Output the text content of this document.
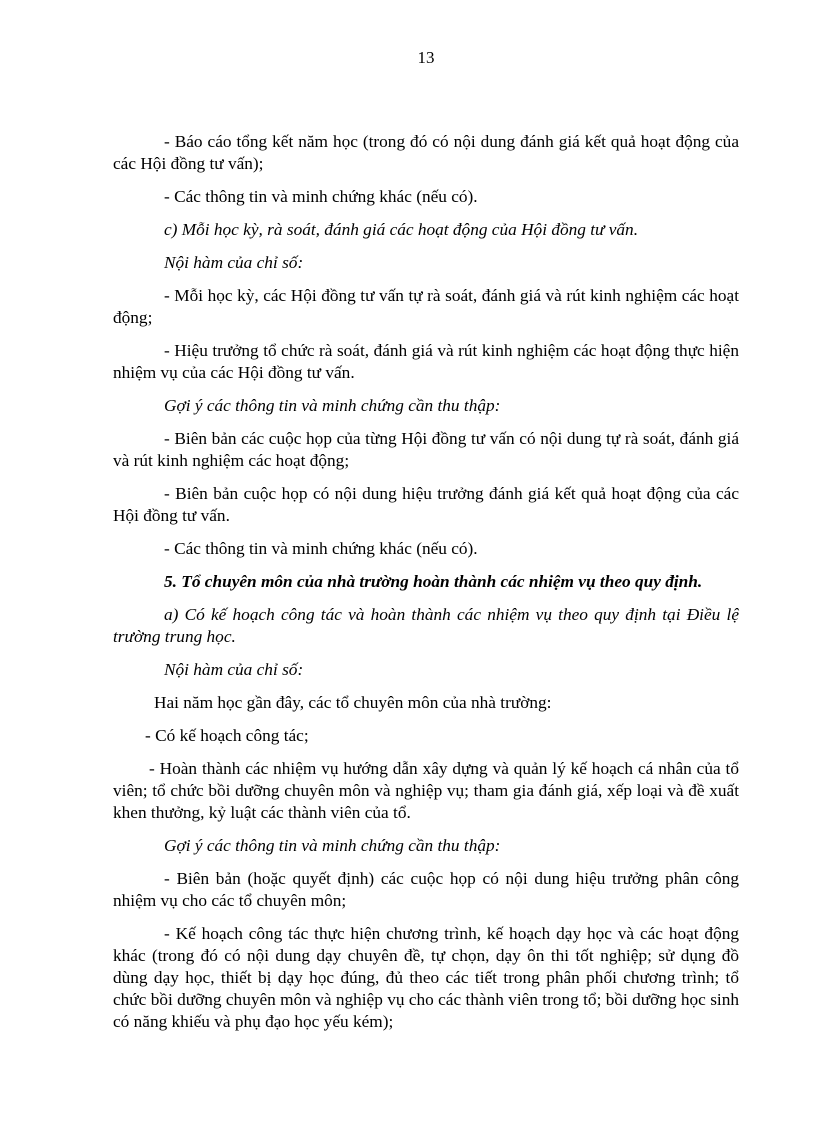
13

- Báo cáo tổng kết năm học (trong đó có nội dung đánh giá kết quả hoạt động của các Hội đồng tư vấn);

- Các thông tin và minh chứng khác (nếu có).

c) Mỗi học kỳ, rà soát, đánh giá các hoạt động của Hội đồng tư vấn.

Nội hàm của chỉ số:

- Mỗi học kỳ, các Hội đồng tư vấn tự rà soát, đánh giá và rút kinh nghiệm các hoạt động;

- Hiệu trưởng tổ chức rà soát, đánh giá và rút kinh nghiệm các hoạt động thực hiện nhiệm vụ của các Hội đồng tư vấn.

Gợi ý các thông tin và minh chứng cần thu thập:

- Biên bản các cuộc họp của từng Hội đồng tư vấn có nội dung tự rà soát, đánh giá và rút kinh nghiệm các hoạt động;

- Biên bản cuộc họp có nội dung hiệu trưởng đánh giá kết quả hoạt động của các Hội đồng tư vấn.

- Các thông tin và minh chứng khác (nếu có).

5. Tổ chuyên môn của nhà trường hoàn thành các nhiệm vụ theo quy định.

a) Có kế hoạch công tác và hoàn thành các nhiệm vụ theo quy định tại Điều lệ trường trung học.

Nội hàm của chỉ số:

Hai năm học gần đây, các tổ chuyên môn của nhà trường:

- Có kế hoạch công tác;

- Hoàn thành các nhiệm vụ hướng dẫn xây dựng và quản lý kế hoạch cá nhân của tổ viên; tổ chức bồi dưỡng chuyên môn và nghiệp vụ; tham gia đánh giá, xếp loại và đề xuất khen thưởng, kỷ luật các thành viên của tổ.

Gợi ý các thông tin và minh chứng cần thu thập:

- Biên bản (hoặc quyết định) các cuộc họp có nội dung hiệu trưởng phân công nhiệm vụ cho các tổ chuyên môn;

- Kế hoạch công tác thực hiện chương trình, kế hoạch dạy học và các hoạt động khác (trong đó có nội dung dạy chuyên đề, tự chọn, dạy ôn thi tốt nghiệp; sử dụng đồ dùng dạy học, thiết bị dạy học đúng, đủ theo các tiết trong phân phối chương trình; tổ chức bồi dưỡng chuyên môn và nghiệp vụ cho các thành viên trong tổ; bồi dưỡng học sinh có năng khiếu và phụ đạo học yếu kém);
